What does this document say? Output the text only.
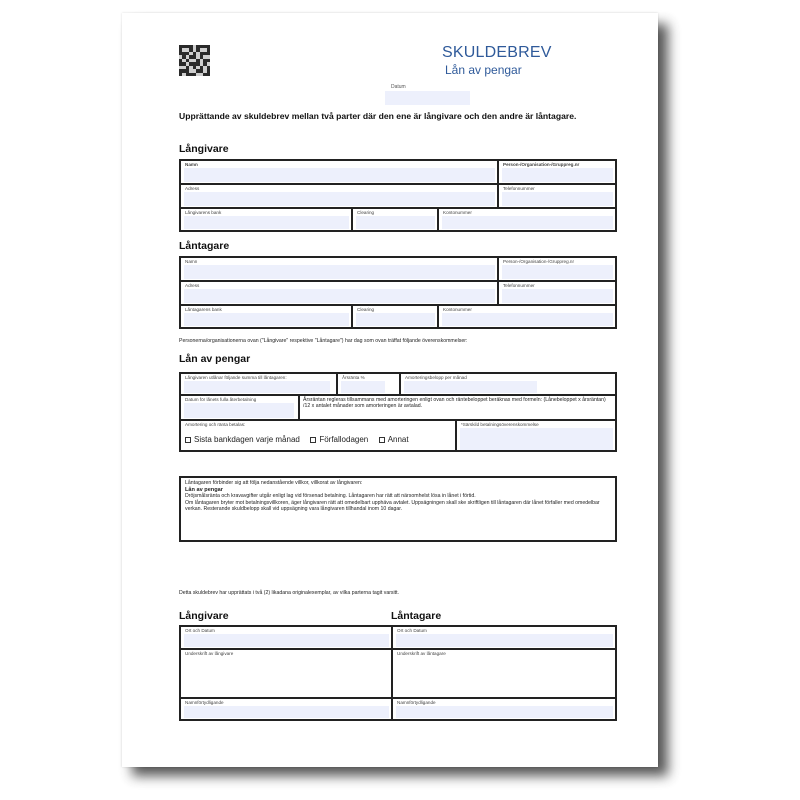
SKULDEBREV
Lån av pengar
Datum
Upprättande av skuldebrev mellan två parter där den ene är långivare och den andre är låntagare.
Långivare
Namn	Person-/Organisation-/Gruppreg.nr
Adress	Telefonnummer
Långivarens bank	Clearing	Kontonummer
Låntagare
Namn	Person-/Organisation-/Gruppreg.nr
Adress	Telefonnummer
Låntagarens bank	Clearing	Kontonummer
Personerna/organisationerna ovan ("Långivare" respektive "Låntagare") har dag som ovan träffat följande överenskommelser:
Lån av pengar
Långivaren utlånar följande summa till låntagaren:	Årsränta %	Amorteringsbelopp per månad
Datum för lånets fulla återbetalning	Årsräntan regleras tillsammans med amorteringen enligt ovan och räntebeloppet beräknas med formeln: (Lånebeloppet x årsräntan) /12 x antalet månader som amorteringen är avtalad.
Amortering och ränta betalas:
Sista bankdagen varje månad Förfallodagen Annat
*Särskild betalningsöverenskommelse
Låntagaren förbinder sig att följa nedanstående villkor, villkorat av långivaren:
Lån av pengar
Dröjsmålsränta och kravavgifter utgår enligt lag vid försenad betalning. Låntagaren har rätt att närsomhelst lösa in lånet i förtid.
Om låntagaren bryter mot betalningsvillkoren, äger långivaren rätt att omedelbart upphäva avtalet. Uppsägningen skall ske skriftligen till låntagaren där lånet förfaller med omedelbar verkan. Resterande skuldbelopp skall vid uppsägning vara långivaren tillhandal inom 10 dagar.
Detta skuldebrev har upprättats i två (2) likadana originalexemplar, av vilka parterna tagit varsitt.
Långivare	Låntagare
Ort och Datum	Ort och Datum
Underskrift av långivare	Underskrift av låntagare
Namnförtydligande	Namnförtydligande
